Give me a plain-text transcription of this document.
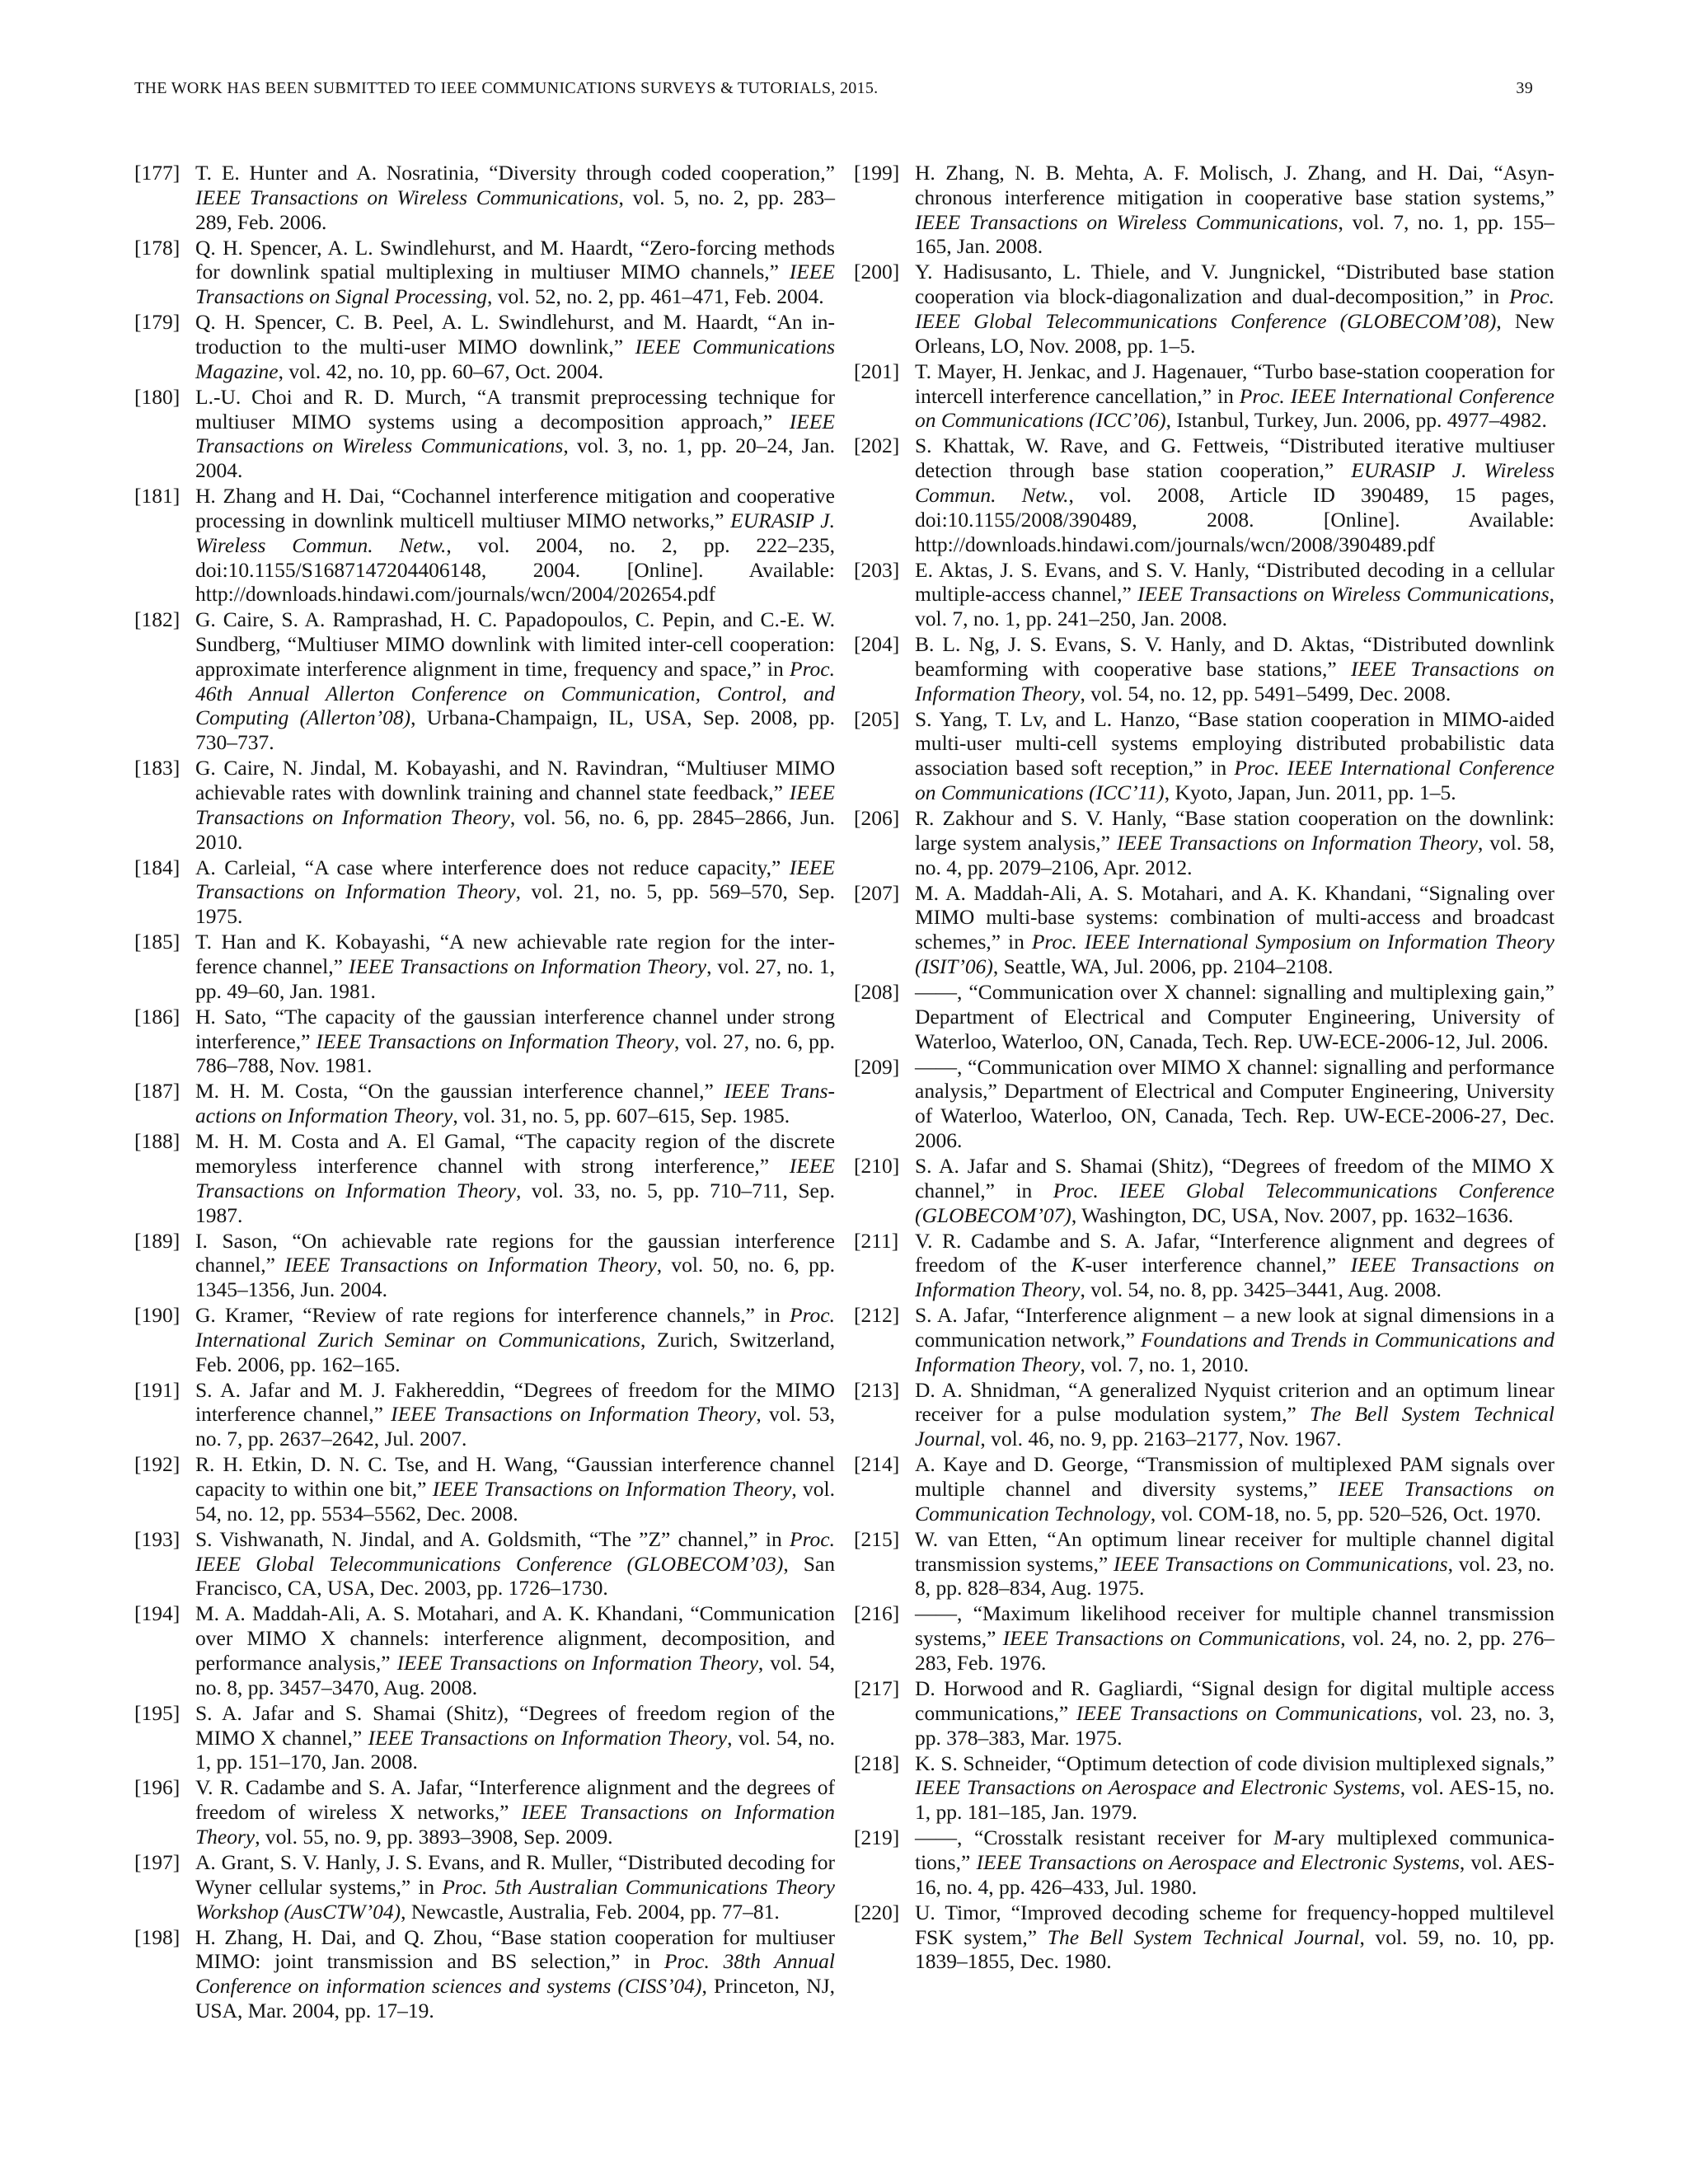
THE WORK HAS BEEN SUBMITTED TO IEEE COMMUNICATIONS SURVEYS & TUTORIALS, 2015.	39
[177] T. E. Hunter and A. Nosratinia, “Diversity through coded cooperation,” IEEE Transactions on Wireless Communications, vol. 5, no. 2, pp. 283–289, Feb. 2006.
[178] Q. H. Spencer, A. L. Swindlehurst, and M. Haardt, “Zero-forcing methods for downlink spatial multiplexing in multiuser MIMO channels,” IEEE Transactions on Signal Processing, vol. 52, no. 2, pp. 461–471, Feb. 2004.
[179] Q. H. Spencer, C. B. Peel, A. L. Swindlehurst, and M. Haardt, “An introduction to the multi-user MIMO downlink,” IEEE Communications Magazine, vol. 42, no. 10, pp. 60–67, Oct. 2004.
[180] L.-U. Choi and R. D. Murch, “A transmit preprocessing technique for multiuser MIMO systems using a decomposition approach,” IEEE Transactions on Wireless Communications, vol. 3, no. 1, pp. 20–24, Jan. 2004.
[181] H. Zhang and H. Dai, “Cochannel interference mitigation and cooperative processing in downlink multicell multiuser MIMO networks,” EURASIP J. Wireless Commun. Netw., vol. 2004, no. 2, pp. 222–235, doi:10.1155/S1687147204406148, 2004. [Online]. Available: http://downloads.hindawi.com/journals/wcn/2004/202654.pdf
[182] G. Caire, S. A. Ramprashad, H. C. Papadopoulos, C. Pepin, and C.-E. W. Sundberg, “Multiuser MIMO downlink with limited inter-cell cooperation: approximate interference alignment in time, frequency and space,” in Proc. 46th Annual Allerton Conference on Communication, Control, and Computing (Allerton’08), Urbana-Champaign, IL, USA, Sep. 2008, pp. 730–737.
[183] G. Caire, N. Jindal, M. Kobayashi, and N. Ravindran, “Multiuser MIMO achievable rates with downlink training and channel state feedback,” IEEE Transactions on Information Theory, vol. 56, no. 6, pp. 2845–2866, Jun. 2010.
[184] A. Carleial, “A case where interference does not reduce capacity,” IEEE Transactions on Information Theory, vol. 21, no. 5, pp. 569–570, Sep. 1975.
[185] T. Han and K. Kobayashi, “A new achievable rate region for the interference channel,” IEEE Transactions on Information Theory, vol. 27, no. 1, pp. 49–60, Jan. 1981.
[186] H. Sato, “The capacity of the gaussian interference channel under strong interference,” IEEE Transactions on Information Theory, vol. 27, no. 6, pp. 786–788, Nov. 1981.
[187] M. H. M. Costa, “On the gaussian interference channel,” IEEE Transactions on Information Theory, vol. 31, no. 5, pp. 607–615, Sep. 1985.
[188] M. H. M. Costa and A. El Gamal, “The capacity region of the discrete memoryless interference channel with strong interference,” IEEE Transactions on Information Theory, vol. 33, no. 5, pp. 710–711, Sep. 1987.
[189] I. Sason, “On achievable rate regions for the gaussian interference channel,” IEEE Transactions on Information Theory, vol. 50, no. 6, pp. 1345–1356, Jun. 2004.
[190] G. Kramer, “Review of rate regions for interference channels,” in Proc. International Zurich Seminar on Communications, Zurich, Switzerland, Feb. 2006, pp. 162–165.
[191] S. A. Jafar and M. J. Fakhereddin, “Degrees of freedom for the MIMO interference channel,” IEEE Transactions on Information Theory, vol. 53, no. 7, pp. 2637–2642, Jul. 2007.
[192] R. H. Etkin, D. N. C. Tse, and H. Wang, “Gaussian interference channel capacity to within one bit,” IEEE Transactions on Information Theory, vol. 54, no. 12, pp. 5534–5562, Dec. 2008.
[193] S. Vishwanath, N. Jindal, and A. Goldsmith, “The ”Z” channel,” in Proc. IEEE Global Telecommunications Conference (GLOBECOM’03), San Francisco, CA, USA, Dec. 2003, pp. 1726–1730.
[194] M. A. Maddah-Ali, A. S. Motahari, and A. K. Khandani, “Communication over MIMO X channels: interference alignment, decomposition, and performance analysis,” IEEE Transactions on Information Theory, vol. 54, no. 8, pp. 3457–3470, Aug. 2008.
[195] S. A. Jafar and S. Shamai (Shitz), “Degrees of freedom region of the MIMO X channel,” IEEE Transactions on Information Theory, vol. 54, no. 1, pp. 151–170, Jan. 2008.
[196] V. R. Cadambe and S. A. Jafar, “Interference alignment and the degrees of freedom of wireless X networks,” IEEE Transactions on Information Theory, vol. 55, no. 9, pp. 3893–3908, Sep. 2009.
[197] A. Grant, S. V. Hanly, J. S. Evans, and R. Muller, “Distributed decoding for Wyner cellular systems,” in Proc. 5th Australian Communications Theory Workshop (AusCTW’04), Newcastle, Australia, Feb. 2004, pp. 77–81.
[198] H. Zhang, H. Dai, and Q. Zhou, “Base station cooperation for multiuser MIMO: joint transmission and BS selection,” in Proc. 38th Annual Conference on information sciences and systems (CISS’04), Princeton, NJ, USA, Mar. 2004, pp. 17–19.
[199] H. Zhang, N. B. Mehta, A. F. Molisch, J. Zhang, and H. Dai, “Asynchronous interference mitigation in cooperative base station systems,” IEEE Transactions on Wireless Communications, vol. 7, no. 1, pp. 155–165, Jan. 2008.
[200] Y. Hadisusanto, L. Thiele, and V. Jungnickel, “Distributed base station cooperation via block-diagonalization and dual-decomposition,” in Proc. IEEE Global Telecommunications Conference (GLOBECOM’08), New Orleans, LO, Nov. 2008, pp. 1–5.
[201] T. Mayer, H. Jenkac, and J. Hagenauer, “Turbo base-station cooperation for intercell interference cancellation,” in Proc. IEEE International Conference on Communications (ICC’06), Istanbul, Turkey, Jun. 2006, pp. 4977–4982.
[202] S. Khattak, W. Rave, and G. Fettweis, “Distributed iterative multiuser detection through base station cooperation,” EURASIP J. Wireless Commun. Netw., vol. 2008, Article ID 390489, 15 pages, doi:10.1155/2008/390489, 2008. [Online]. Available: http://downloads.hindawi.com/journals/wcn/2008/390489.pdf
[203] E. Aktas, J. S. Evans, and S. V. Hanly, “Distributed decoding in a cellular multiple-access channel,” IEEE Transactions on Wireless Communications, vol. 7, no. 1, pp. 241–250, Jan. 2008.
[204] B. L. Ng, J. S. Evans, S. V. Hanly, and D. Aktas, “Distributed downlink beamforming with cooperative base stations,” IEEE Transactions on Information Theory, vol. 54, no. 12, pp. 5491–5499, Dec. 2008.
[205] S. Yang, T. Lv, and L. Hanzo, “Base station cooperation in MIMO-aided multi-user multi-cell systems employing distributed probabilistic data association based soft reception,” in Proc. IEEE International Conference on Communications (ICC’11), Kyoto, Japan, Jun. 2011, pp. 1–5.
[206] R. Zakhour and S. V. Hanly, “Base station cooperation on the downlink: large system analysis,” IEEE Transactions on Information Theory, vol. 58, no. 4, pp. 2079–2106, Apr. 2012.
[207] M. A. Maddah-Ali, A. S. Motahari, and A. K. Khandani, “Signaling over MIMO multi-base systems: combination of multi-access and broadcast schemes,” in Proc. IEEE International Symposium on Information Theory (ISIT’06), Seattle, WA, Jul. 2006, pp. 2104–2108.
[208] ——, “Communication over X channel: signalling and multiplexing gain,” Department of Electrical and Computer Engineering, University of Waterloo, Waterloo, ON, Canada, Tech. Rep. UW-ECE-2006-12, Jul. 2006.
[209] ——, “Communication over MIMO X channel: signalling and performance analysis,” Department of Electrical and Computer Engineering, University of Waterloo, Waterloo, ON, Canada, Tech. Rep. UW-ECE-2006-27, Dec. 2006.
[210] S. A. Jafar and S. Shamai (Shitz), “Degrees of freedom of the MIMO X channel,” in Proc. IEEE Global Telecommunications Conference (GLOBECOM’07), Washington, DC, USA, Nov. 2007, pp. 1632–1636.
[211] V. R. Cadambe and S. A. Jafar, “Interference alignment and degrees of freedom of the K-user interference channel,” IEEE Transactions on Information Theory, vol. 54, no. 8, pp. 3425–3441, Aug. 2008.
[212] S. A. Jafar, “Interference alignment – a new look at signal dimensions in a communication network,” Foundations and Trends in Communications and Information Theory, vol. 7, no. 1, 2010.
[213] D. A. Shnidman, “A generalized Nyquist criterion and an optimum linear receiver for a pulse modulation system,” The Bell System Technical Journal, vol. 46, no. 9, pp. 2163–2177, Nov. 1967.
[214] A. Kaye and D. George, “Transmission of multiplexed PAM signals over multiple channel and diversity systems,” IEEE Transactions on Communication Technology, vol. COM-18, no. 5, pp. 520–526, Oct. 1970.
[215] W. van Etten, “An optimum linear receiver for multiple channel digital transmission systems,” IEEE Transactions on Communications, vol. 23, no. 8, pp. 828–834, Aug. 1975.
[216] ——, “Maximum likelihood receiver for multiple channel transmission systems,” IEEE Transactions on Communications, vol. 24, no. 2, pp. 276–283, Feb. 1976.
[217] D. Horwood and R. Gagliardi, “Signal design for digital multiple access communications,” IEEE Transactions on Communications, vol. 23, no. 3, pp. 378–383, Mar. 1975.
[218] K. S. Schneider, “Optimum detection of code division multiplexed signals,” IEEE Transactions on Aerospace and Electronic Systems, vol. AES-15, no. 1, pp. 181–185, Jan. 1979.
[219] ——, “Crosstalk resistant receiver for M-ary multiplexed communications,” IEEE Transactions on Aerospace and Electronic Systems, vol. AES-16, no. 4, pp. 426–433, Jul. 1980.
[220] U. Timor, “Improved decoding scheme for frequency-hopped multilevel FSK system,” The Bell System Technical Journal, vol. 59, no. 10, pp. 1839–1855, Dec. 1980.
